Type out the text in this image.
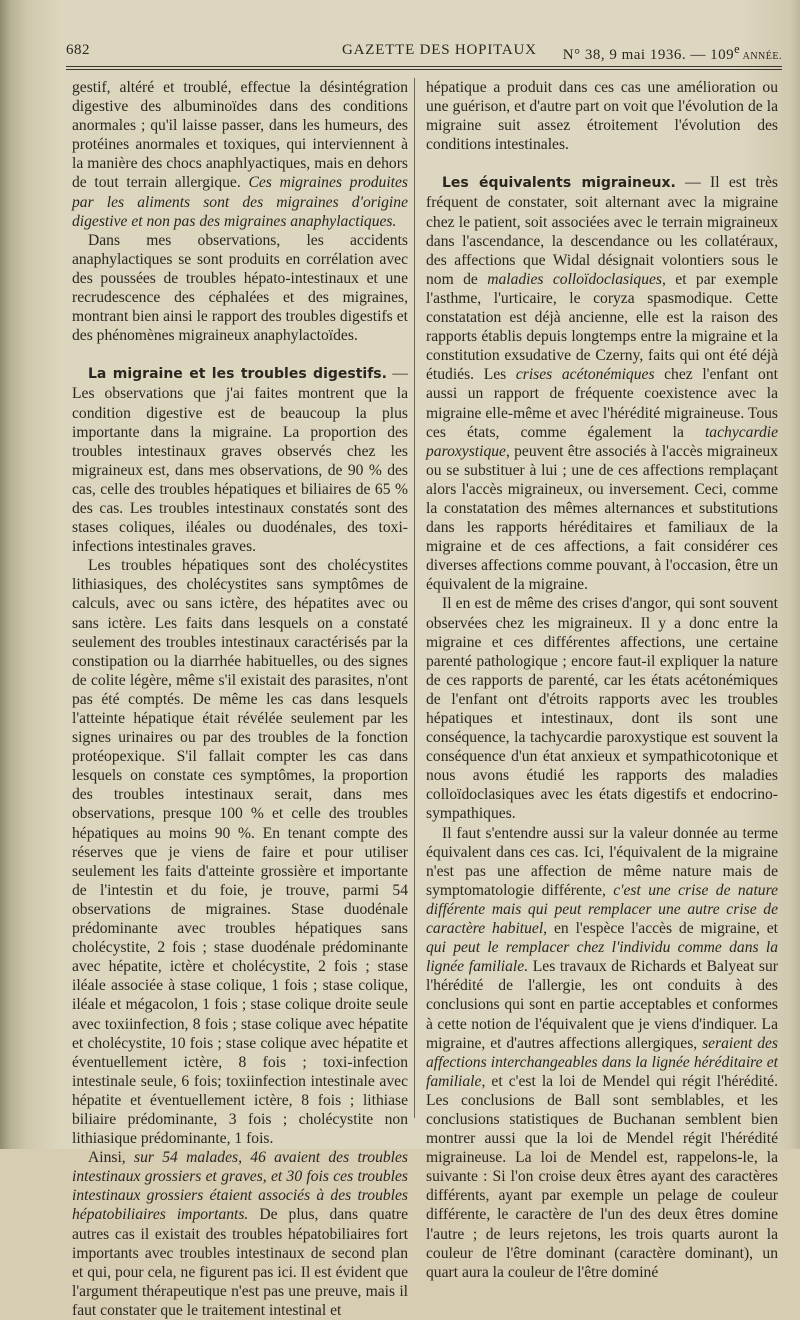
682	GAZETTE DES HOPITAUX N° 38, 9 mai 1936. — 109e ANNÉE.

gestif, altéré et troublé, effectue la désintégration digestive des albuminoïdes dans des conditions anormales ; qu'il laisse passer, dans les humeurs, des protéines anormales et toxiques, qui interviennent à la manière des chocs anaphlyactiques, mais en dehors de tout terrain allergique. Ces migraines produites par les aliments sont des migraines d'origine digestive et non pas des migraines anaphylactiques.

Dans mes observations, les accidents anaphylactiques se sont produits en corrélation avec des poussées de troubles hépato-intestinaux et une recrudescence des céphalées et des migraines, montrant bien ainsi le rapport des troubles digestifs et des phénomènes migraineux anaphylactoïdes.

La migraine et les troubles digestifs. — Les observations que j'ai faites montrent que la condition digestive est de beaucoup la plus importante dans la migraine. La proportion des troubles intestinaux graves observés chez les migraineux est, dans mes observations, de 90 % des cas, celle des troubles hépatiques et biliaires de 65 % des cas. Les troubles intestinaux constatés sont des stases coliques, iléales ou duodénales, des toxi-infections intestinales graves.

Les troubles hépatiques sont des cholécystites lithiasiques, des cholécystites sans symptômes de calculs, avec ou sans ictère, des hépatites avec ou sans ictère. Les faits dans lesquels on a constaté seulement des troubles intestinaux caractérisés par la constipation ou la diarrhée habituelles, ou des signes de colite légère, même s'il existait des parasites, n'ont pas été comptés. De même les cas dans lesquels l'atteinte hépatique était révélée seulement par les signes urinaires ou par des troubles de la fonction protéopexique. S'il fallait compter les cas dans lesquels on constate ces symptômes, la proportion des troubles intestinaux serait, dans mes observations, presque 100 % et celle des troubles hépatiques au moins 90 %. En tenant compte des réserves que je viens de faire et pour utiliser seulement les faits d'atteinte grossière et importante de l'intestin et du foie, je trouve, parmi 54 observations de migraines. Stase duodénale prédominante avec troubles hépatiques sans cholécystite, 2 fois ; stase duodénale prédominante avec hépatite, ictère et cholécystite, 2 fois ; stase iléale associée à stase colique, 1 fois ; stase colique, iléale et mégacolon, 1 fois ; stase colique droite seule avec toxiinfection, 8 fois ; stase colique avec hépatite et cholécystite, 10 fois ; stase colique avec hépatite et éventuellement ictère, 8 fois ; toxi-infection intestinale seule, 6 fois; toxiinfection intestinale avec hépatite et éventuellement ictère, 8 fois ; lithiase biliaire prédominante, 3 fois ; cholécystite non lithiasique prédominante, 1 fois.

Ainsi, sur 54 malades, 46 avaient des troubles intestinaux grossiers et graves, et 30 fois ces troubles intestinaux grossiers étaient associés à des troubles hépatobiliaires importants. De plus, dans quatre autres cas il existait des troubles hépatobiliaires fort importants avec troubles intestinaux de second plan et qui, pour cela, ne figurent pas ici. Il est évident que l'argument thérapeutique n'est pas une preuve, mais il faut constater que le traitement intestinal et

hépatique a produit dans ces cas une amélioration ou une guérison, et d'autre part on voit que l'évolution de la migraine suit assez étroitement l'évolution des conditions intestinales.

Les équivalents migraineux. — Il est très fréquent de constater, soit alternant avec la migraine chez le patient, soit associées avec le terrain migraineux dans l'ascendance, la descendance ou les collatéraux, des affections que Widal désignait volontiers sous le nom de maladies colloïdoclasiques, et par exemple l'asthme, l'urticaire, le coryza spasmodique. Cette constatation est déjà ancienne, elle est la raison des rapports établis depuis longtemps entre la migraine et la constitution exsudative de Czerny, faits qui ont été déjà étudiés. Les crises acétonémiques chez l'enfant ont aussi un rapport de fréquente coexistence avec la migraine elle-même et avec l'hérédité migraineuse. Tous ces états, comme également la tachycardie paroxystique, peuvent être associés à l'accès migraineux ou se substituer à lui ; une de ces affections remplaçant alors l'accès migraineux, ou inversement. Ceci, comme la constatation des mêmes alternances et substitutions dans les rapports héréditaires et familiaux de la migraine et de ces affections, a fait considérer ces diverses affections comme pouvant, à l'occasion, être un équivalent de la migraine.

Il en est de même des crises d'angor, qui sont souvent observées chez les migraineux. Il y a donc entre la migraine et ces différentes affections, une certaine parenté pathologique ; encore faut-il expliquer la nature de ces rapports de parenté, car les états acétonémiques de l'enfant ont d'étroits rapports avec les troubles hépatiques et intestinaux, dont ils sont une conséquence, la tachycardie paroxystique est souvent la conséquence d'un état anxieux et sympathicotonique et nous avons étudié les rapports des maladies colloïdoclasiques avec les états digestifs et endocrino-sympathiques.

Il faut s'entendre aussi sur la valeur donnée au terme équivalent dans ces cas. Ici, l'équivalent de la migraine n'est pas une affection de même nature mais de symptomatologie différente, c'est une crise de nature différente mais qui peut remplacer une autre crise de caractère habituel, en l'espèce l'accès de migraine, et qui peut le remplacer chez l'individu comme dans la lignée familiale. Les travaux de Richards et Balyeat sur l'hérédité de l'allergie, les ont conduits à des conclusions qui sont en partie acceptables et conformes à cette notion de l'équivalent que je viens d'indiquer. La migraine, et d'autres affections allergiques, seraient des affections interchangeables dans la lignée héréditaire et familiale, et c'est la loi de Mendel qui régit l'hérédité. Les conclusions de Ball sont semblables, et les conclusions statistiques de Buchanan semblent bien montrer aussi que la loi de Mendel régit l'hérédité migraineuse. La loi de Mendel est, rappelons-le, la suivante : Si l'on croise deux êtres ayant des caractères différents, ayant par exemple un pelage de couleur différente, le caractère de l'un des deux êtres domine l'autre ; de leurs rejetons, les trois quarts auront la couleur de l'être dominant (caractère dominant), un quart aura la couleur de l'être dominé
